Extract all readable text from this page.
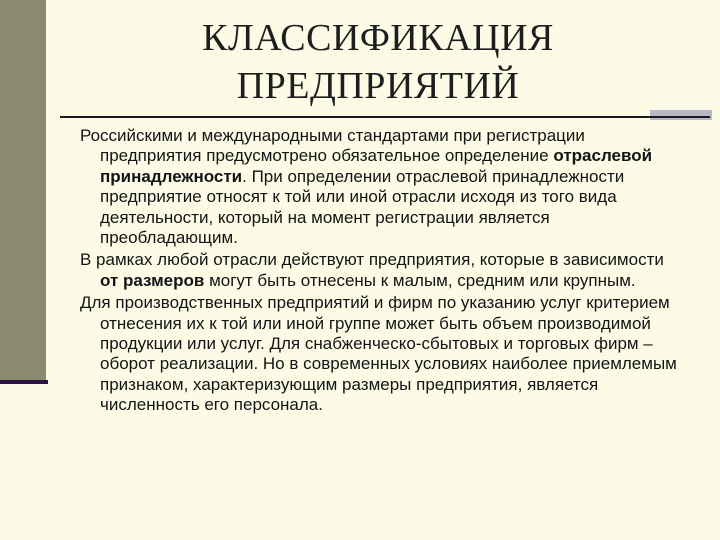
КЛАССИФИКАЦИЯ
ПРЕДПРИЯТИЙ

Российскими и международными стандартами при регистрации предприятия предусмотрено обязательное определение отраслевой принадлежности. При определении отраслевой принадлежности предприятие относят к той или иной отрасли исходя из того вида деятельности, который на момент регистрации является преобладающим.

В рамках любой отрасли действуют предприятия, которые в зависимости от размеров могут быть отнесены к малым, средним или крупным.

Для производственных предприятий и фирм по указанию услуг критерием отнесения их к той или иной группе может быть объем производимой продукции или услуг. Для снабженческо-сбытовых и торговых фирм – оборот реализации. Но в современных условиях наиболее приемлемым признаком, характеризующим размеры предприятия, является численность его персонала.
